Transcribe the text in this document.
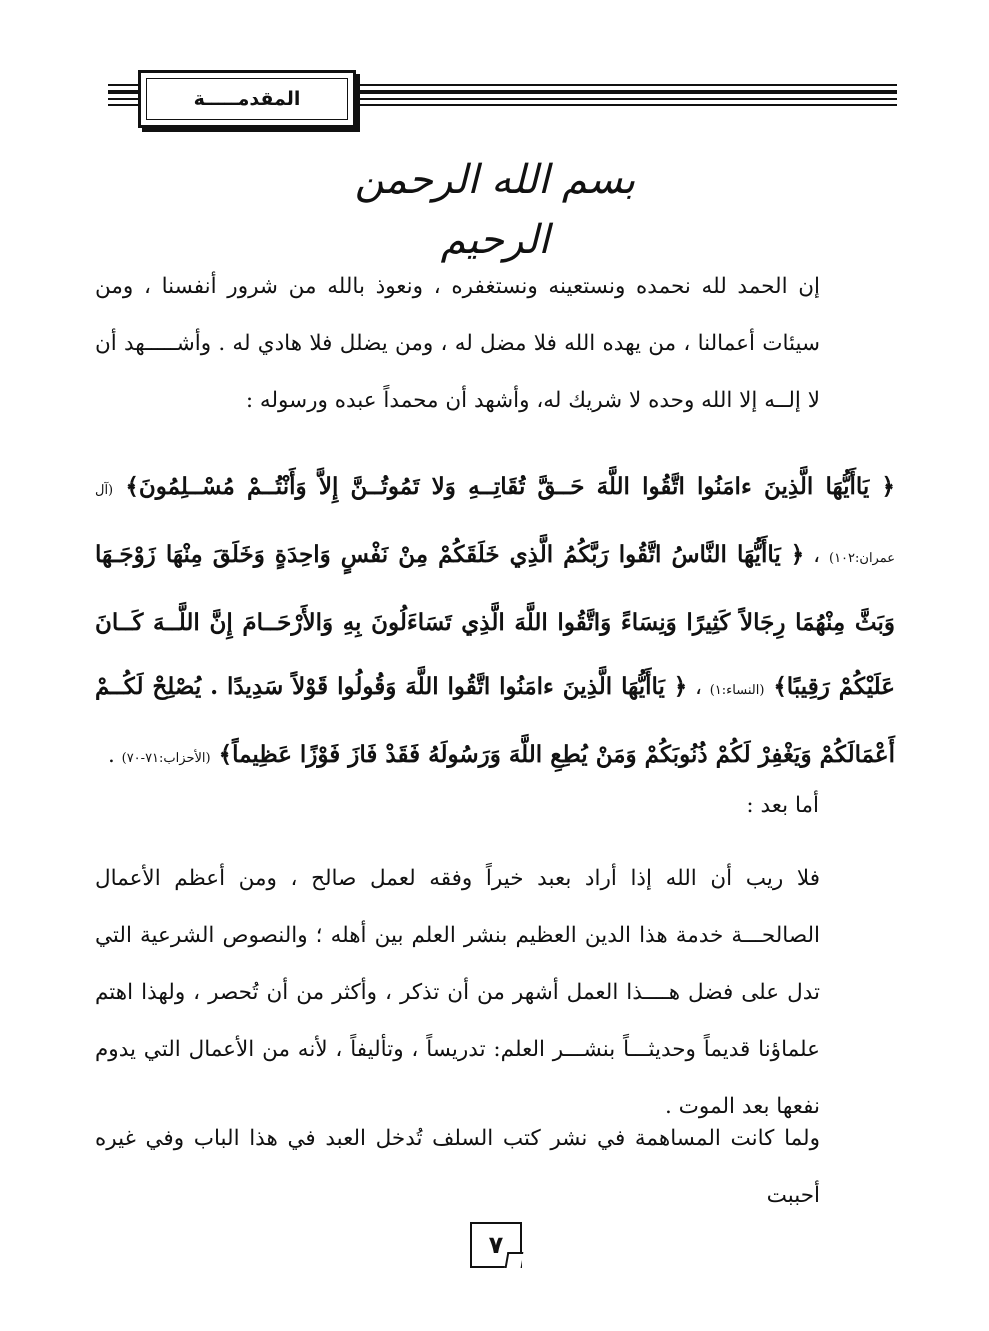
المقدمـــــة
بسم الله الرحمن الرحيم

إن الحمد لله نحمده ونستعينه ونستغفره ، ونعوذ بالله من شرور أنفسنا ، ومن سيئات أعمالنا ، من يهده الله فلا مضل له ، ومن يضلل فلا هادي له . وأشـــــهد أن لا إلــه إلا الله وحده لا شريك له، وأشهد أن محمداً عبده ورسوله :

﴿ يَاأَيُّهَا الَّذِينَ ءامَنُوا اتَّقُوا اللَّهَ حَــقَّ تُقَاتِــهِ وَلا تَمُوتُــنَّ إِلاَّ وَأَنْتُــمْ مُسْــلِمُونَ﴾ (آل عمران:١٠٢) ، ﴿ يَاأَيُّهَا النَّاسُ اتَّقُوا رَبَّكُمُ الَّذِي خَلَقَكُمْ مِنْ نَفْسٍ وَاحِدَةٍ وَخَلَقَ مِنْهَا زَوْجَـهَا وَبَثَّ مِنْهُمَا رِجَالاً كَثِيرًا وَنِسَاءً وَاتَّقُوا اللَّهَ الَّذِي تَسَاءَلُونَ بِهِ وَالأَرْحَــامَ إِنَّ اللَّــهَ كَــانَ عَلَيْكُمْ رَقِيبًا﴾ (النساء:١) ، ﴿ يَاأَيُّهَا الَّذِينَ ءامَنُوا اتَّقُوا اللَّهَ وَقُولُوا قَوْلاً سَدِيدًا . يُصْلِحْ لَكُــمْ أَعْمَالَكُمْ وَيَغْفِرْ لَكُمْ ذُنُوبَكُمْ وَمَنْ يُطِعِ اللَّهَ وَرَسُولَهُ فَقَدْ فَازَ فَوْزًا عَظِيماً﴾ (الأحزاب:٧١-٧٠) .
أما بعد :

فلا ريب أن الله إذا أراد بعبد خيراً وفقه لعمل صالح ، ومن أعظم الأعمال الصالحـــة خدمة هذا الدين العظيم بنشر العلم بين أهله ؛ والنصوص الشرعية التي تدل على فضل هــــذا العمل أشهر من أن تذكر ، وأكثر من أن تُحصر ، ولهذا اهتم علماؤنا قديماً وحديثـــاً بنشـــر العلم: تدريساً ، وتأليفاً ، لأنه من الأعمال التي يدوم نفعها بعد الموت .

ولما كانت المساهمة في نشر كتب السلف تُدخل العبد في هذا الباب وفي غيره أحببت

٧
